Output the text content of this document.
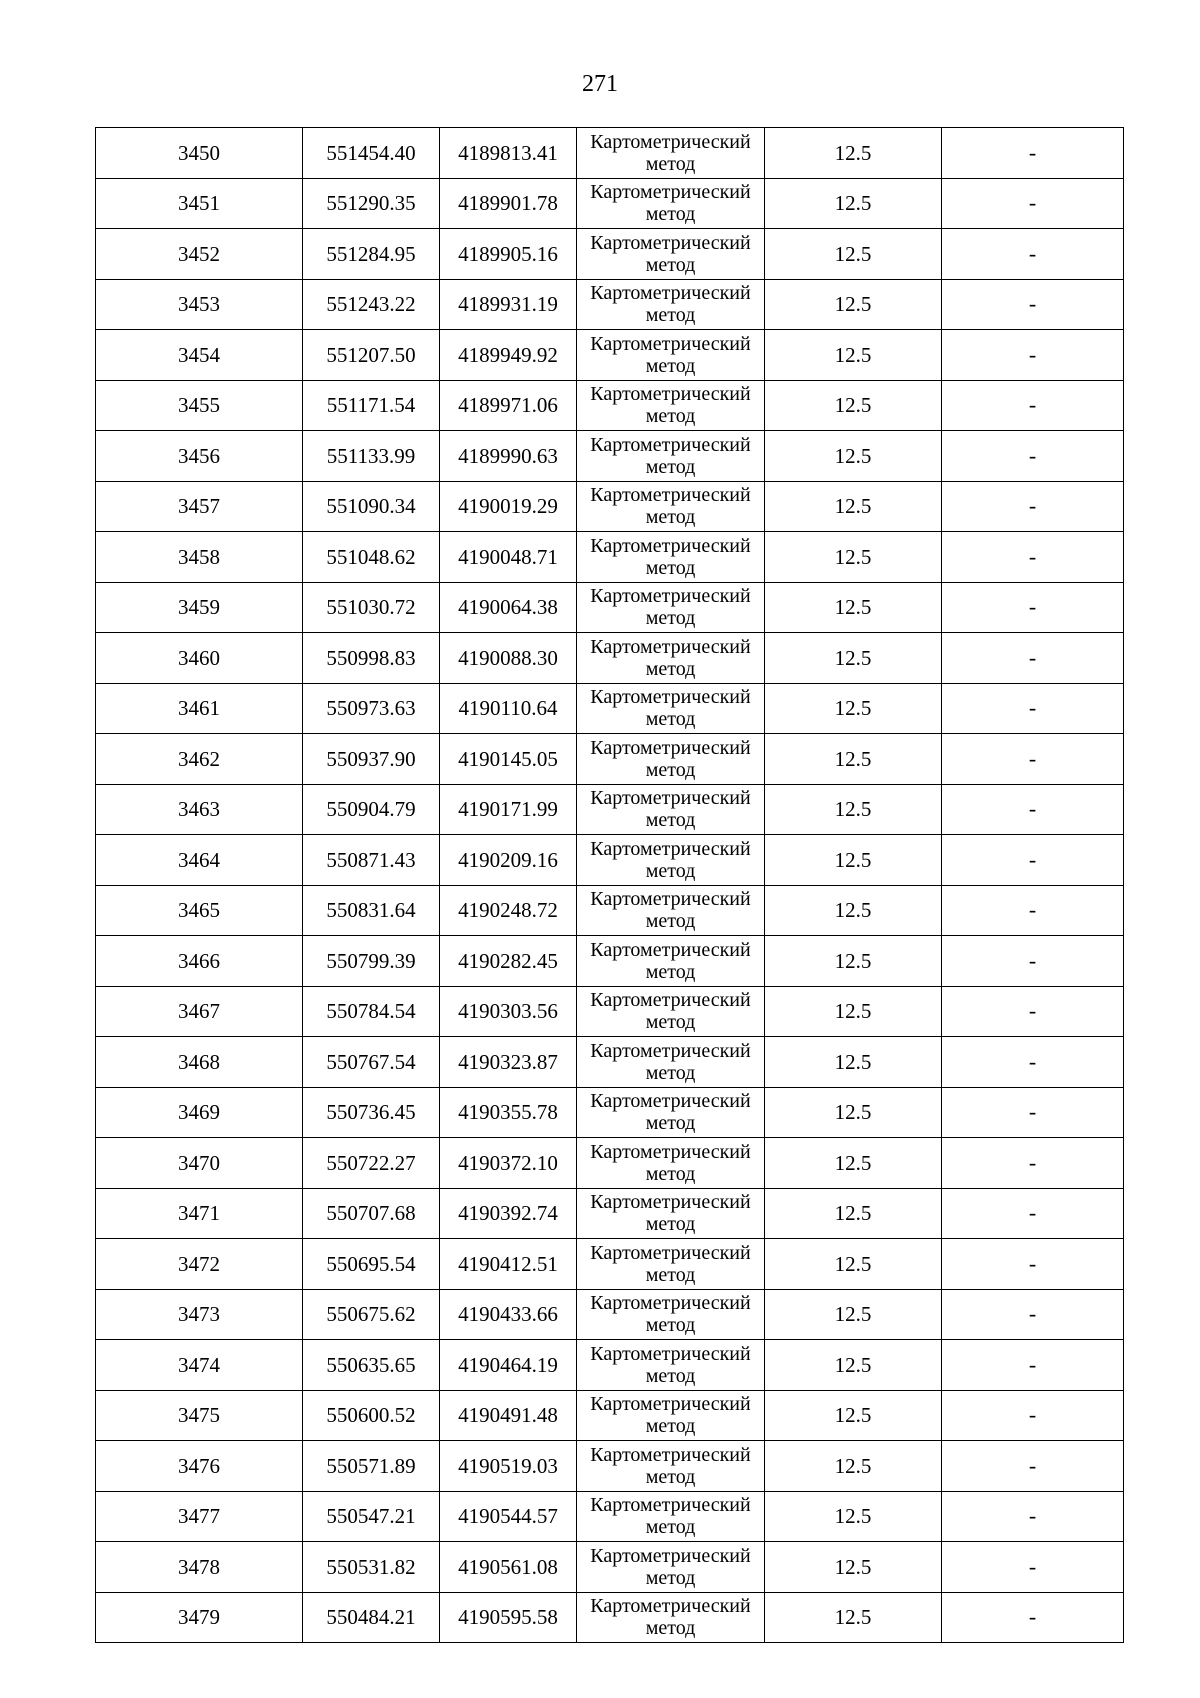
271
3450	551454.40	4189813.41	Картометрический
метод	12.5	-
3451	551290.35	4189901.78	Картометрический
метод	12.5	-
3452	551284.95	4189905.16	Картометрический
метод	12.5	-
3453	551243.22	4189931.19	Картометрический
метод	12.5	-
3454	551207.50	4189949.92	Картометрический
метод	12.5	-
3455	551171.54	4189971.06	Картометрический
метод	12.5	-
3456	551133.99	4189990.63	Картометрический
метод	12.5	-
3457	551090.34	4190019.29	Картометрический
метод	12.5	-
3458	551048.62	4190048.71	Картометрический
метод	12.5	-
3459	551030.72	4190064.38	Картометрический
метод	12.5	-
3460	550998.83	4190088.30	Картометрический
метод	12.5	-
3461	550973.63	4190110.64	Картометрический
метод	12.5	-
3462	550937.90	4190145.05	Картометрический
метод	12.5	-
3463	550904.79	4190171.99	Картометрический
метод	12.5	-
3464	550871.43	4190209.16	Картометрический
метод	12.5	-
3465	550831.64	4190248.72	Картометрический
метод	12.5	-
3466	550799.39	4190282.45	Картометрический
метод	12.5	-
3467	550784.54	4190303.56	Картометрический
метод	12.5	-
3468	550767.54	4190323.87	Картометрический
метод	12.5	-
3469	550736.45	4190355.78	Картометрический
метод	12.5	-
3470	550722.27	4190372.10	Картометрический
метод	12.5	-
3471	550707.68	4190392.74	Картометрический
метод	12.5	-
3472	550695.54	4190412.51	Картометрический
метод	12.5	-
3473	550675.62	4190433.66	Картометрический
метод	12.5	-
3474	550635.65	4190464.19	Картометрический
метод	12.5	-
3475	550600.52	4190491.48	Картометрический
метод	12.5	-
3476	550571.89	4190519.03	Картометрический
метод	12.5	-
3477	550547.21	4190544.57	Картометрический
метод	12.5	-
3478	550531.82	4190561.08	Картометрический
метод	12.5	-
3479	550484.21	4190595.58	Картометрический
метод	12.5	-
